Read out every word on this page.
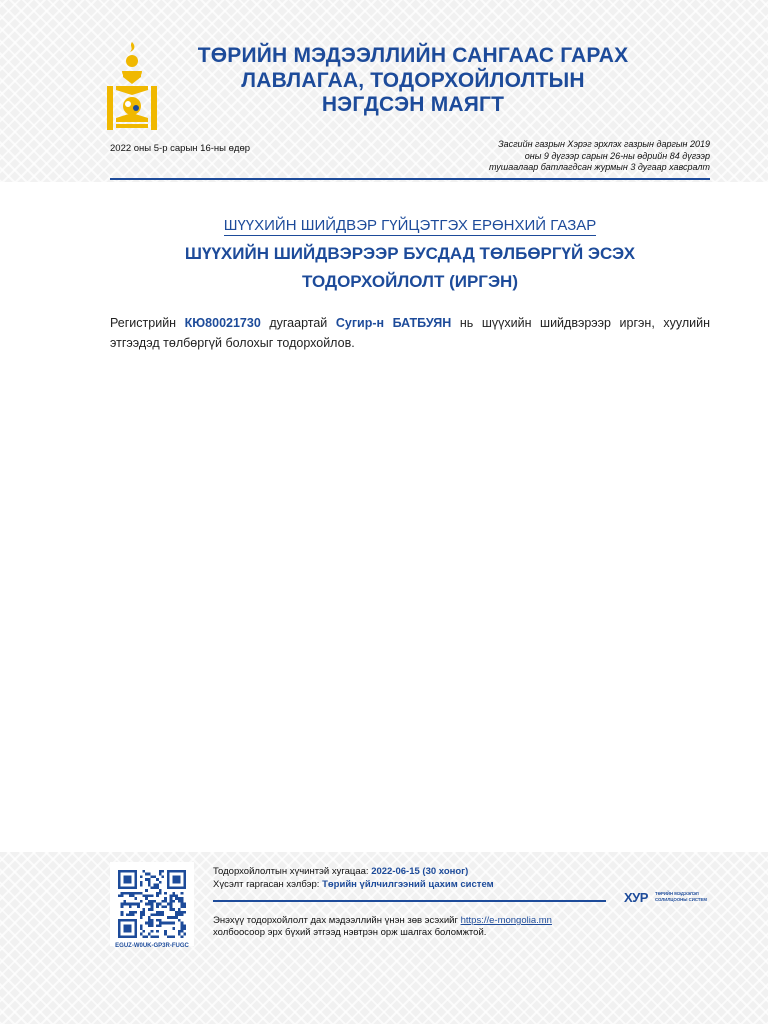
ТӨРИЙН МЭДЭЭЛЛИЙН САНГААС ГАРАХ
ЛАВЛАГАА, ТОДОРХОЙЛОЛТЫН
НЭГДСЭН МАЯГТ
2022 оны 5-р сарын 16-ны өдөр	Засгийн газрын Хэрэг эрхлэх газрын даргын 2019
оны 9 дүгээр сарын 26-ны өдрийн 84 дүгээр
тушаалаар батлагдсан журмын 3 дугаар хавсралт
ШҮҮХИЙН ШИЙДВЭР ГҮЙЦЭТГЭХ ЕРӨНХИЙ ГАЗАР
ШҮҮХИЙН ШИЙДВЭРЭЭР БУСДАД ТӨЛБӨРГҮЙ ЭСЭХ
ТОДОРХОЙЛОЛТ (ИРГЭН)
Регистрийн КЮ80021730 дугаартай Сугир-н БАТБУЯН нь шүүхийн шийдвэрээр иргэн, хуулийн этгээдэд төлбөргүй болохыг тодорхойлов.
EGUZ-W0UK-GP3R-FUGC
Тодорхойлолтын хүчинтэй хугацаа: 2022-06-15 (30 хоног)
Хүсэлт гаргасан хэлбэр: Төрийн үйлчилгээний цахим систем
Энэхүү тодорхойлолт дах мэдээллийн үнэн зөв эсэхийг https://e-mongolia.mn
холбоосоор эрх бүхий этгээд нэвтрэн орж шалгах боломжтой.
ХУР ТӨРИЙН МЭДЭЭЛЭЛ
СОЛИЛЦООНЫ СИСТЕМ
